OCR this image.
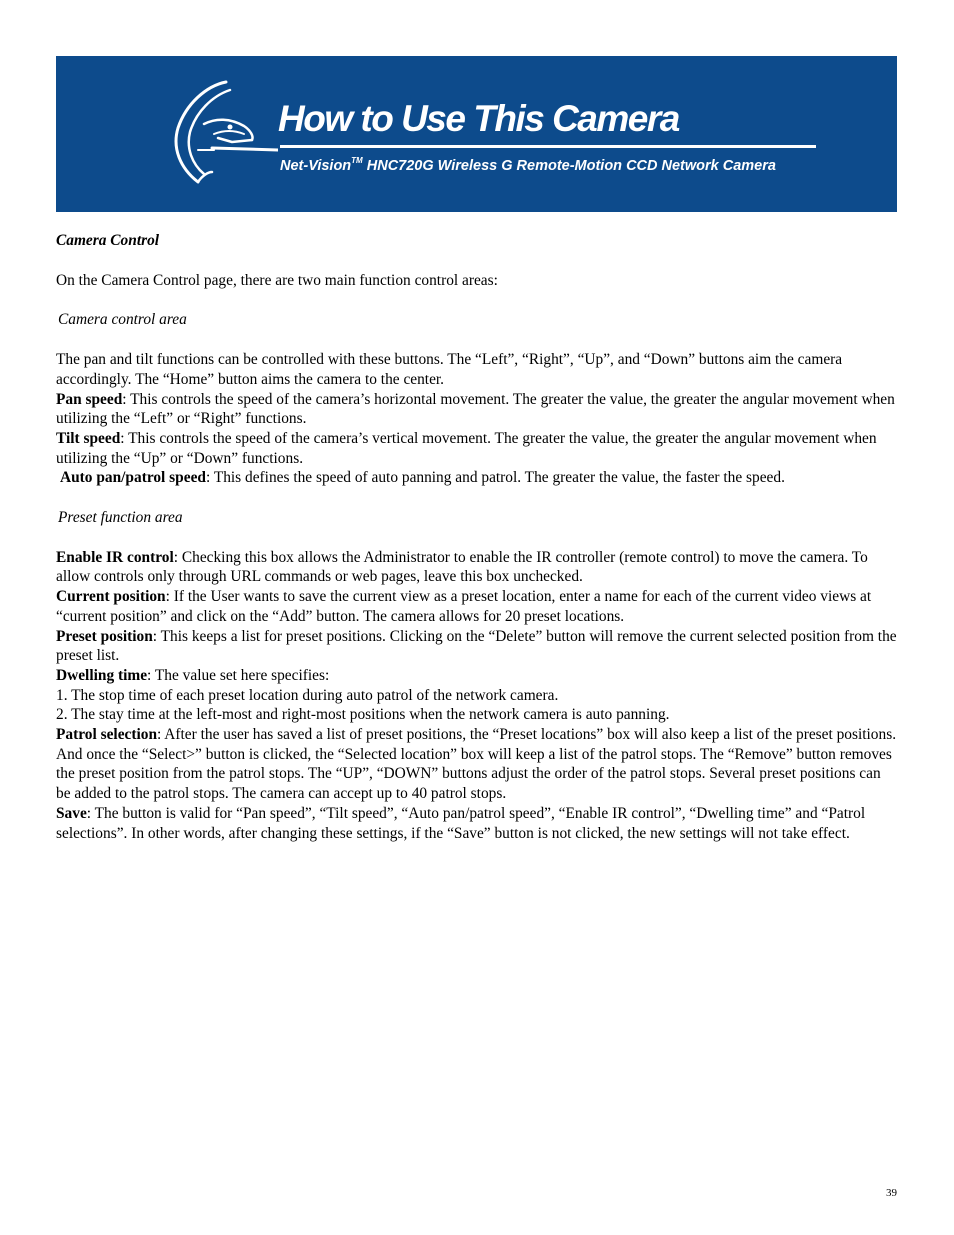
How to Use This Camera
Net-Vision™ HNC720G Wireless G Remote-Motion CCD Network Camera

Camera Control

On the Camera Control page, there are two main function control areas:

Camera control area

The pan and tilt functions can be controlled with these buttons. The “Left”, “Right”, “Up”, and “Down” buttons aim the camera accordingly. The “Home” button aims the camera to the center.

Pan speed: This controls the speed of the camera’s horizontal movement. The greater the value, the greater the angular movement when utilizing the “Left” or “Right” functions.

Tilt speed: This controls the speed of the camera’s vertical movement. The greater the value, the greater the angular movement when utilizing the “Up” or “Down” functions.

Auto pan/patrol speed: This defines the speed of auto panning and patrol. The greater the value, the faster the speed.

Preset function area

Enable IR control: Checking this box allows the Administrator to enable the IR controller (remote control) to move the camera. To allow controls only through URL commands or web pages, leave this box unchecked.

Current position: If the User wants to save the current view as a preset location, enter a name for each of the current video views at “current position” and click on the “Add” button. The camera allows for 20 preset locations.

Preset position: This keeps a list for preset positions. Clicking on the “Delete” button will remove the current selected position from the preset list.

Dwelling time: The value set here specifies:

1. The stop time of each preset location during auto patrol of the network camera.

2. The stay time at the left-most and right-most positions when the network camera is auto panning.

Patrol selection: After the user has saved a list of preset positions, the “Preset locations” box will also keep a list of the preset positions. And once the “Select>” button is clicked, the “Selected location” box will keep a list of the patrol stops. The “Remove” button removes the preset position from the patrol stops. The “UP”, “DOWN” buttons adjust the order of the patrol stops. Several preset positions can be added to the patrol stops. The camera can accept up to 40 patrol stops.

Save: The button is valid for “Pan speed”, “Tilt speed”, “Auto pan/patrol speed”, “Enable IR control”, “Dwelling time” and “Patrol selections”. In other words, after changing these settings, if the “Save” button is not clicked, the new settings will not take effect.

39
